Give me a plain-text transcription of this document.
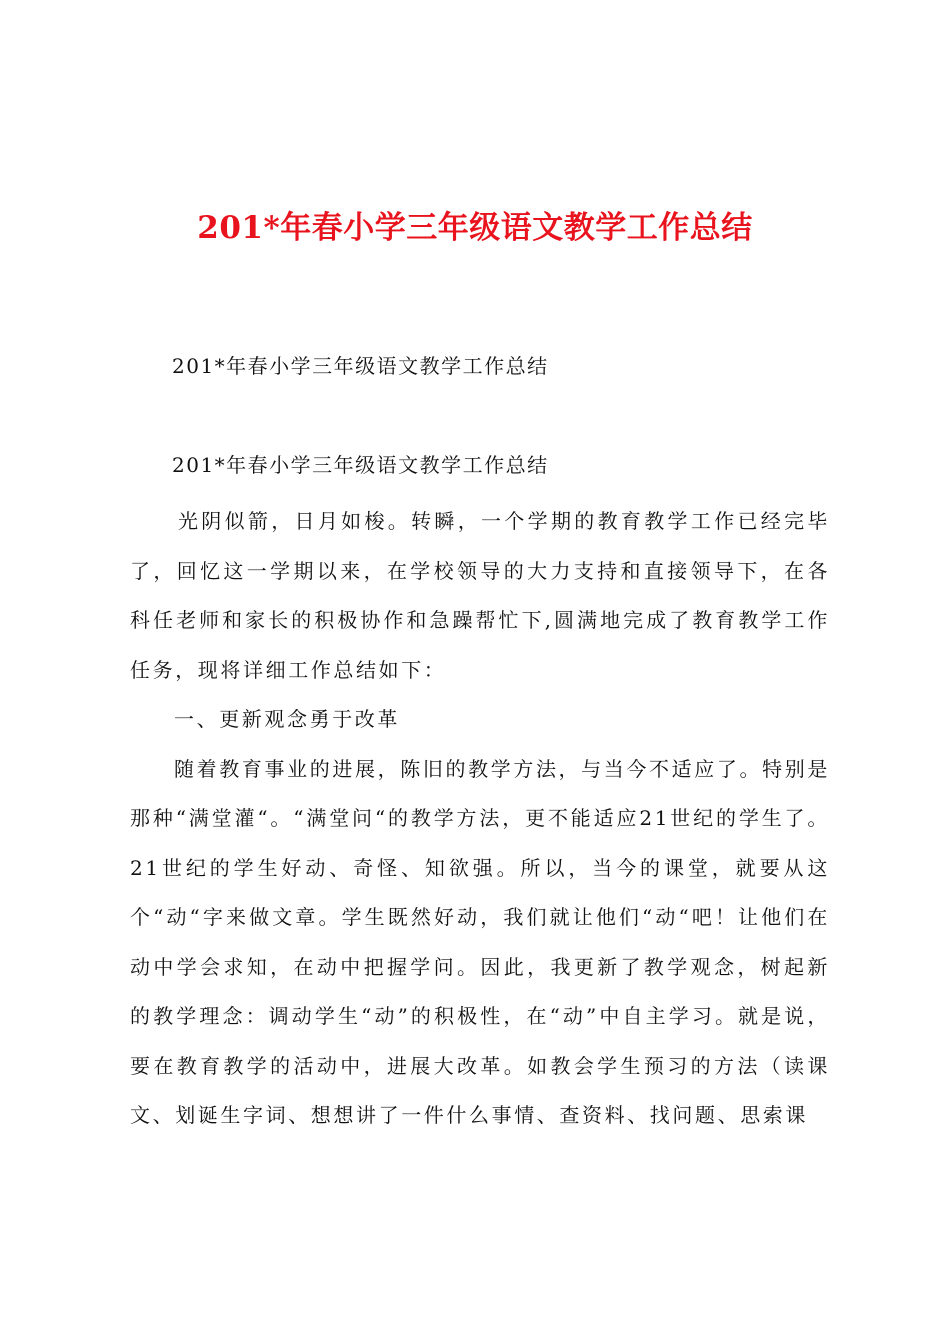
201*年春小学三年级语文教学工作总结
201*年春小学三年级语文教学工作总结
201*年春小学三年级语文教学工作总结

光阴似箭，日月如梭。转瞬，一个学期的教育教学工作已经完毕了，回忆这一学期以来，在学校领导的大力支持和直接领导下，在各科任老师和家长的积极协作和急躁帮忙下,圆满地完成了教育教学工作任务，现将详细工作总结如下：

一、更新观念勇于改革

随着教育事业的进展，陈旧的教学方法，与当今不适应了。特别是那种“满堂灌“。“满堂问“的教学方法，更不能适应21世纪的学生了。21世纪的学生好动、奇怪、知欲强。所以，当今的课堂，就要从这个“动“字来做文章。学生既然好动，我们就让他们“动“吧！让他们在动中学会求知，在动中把握学问。因此，我更新了教学观念，树起新的教学理念：调动学生“动”的积极性，在“动”中自主学习。就是说，要在教育教学的活动中，进展大改革。如教会学生预习的方法（读课文、划诞生字词、想想讲了一件什么事情、查资料、找问题、思索课
